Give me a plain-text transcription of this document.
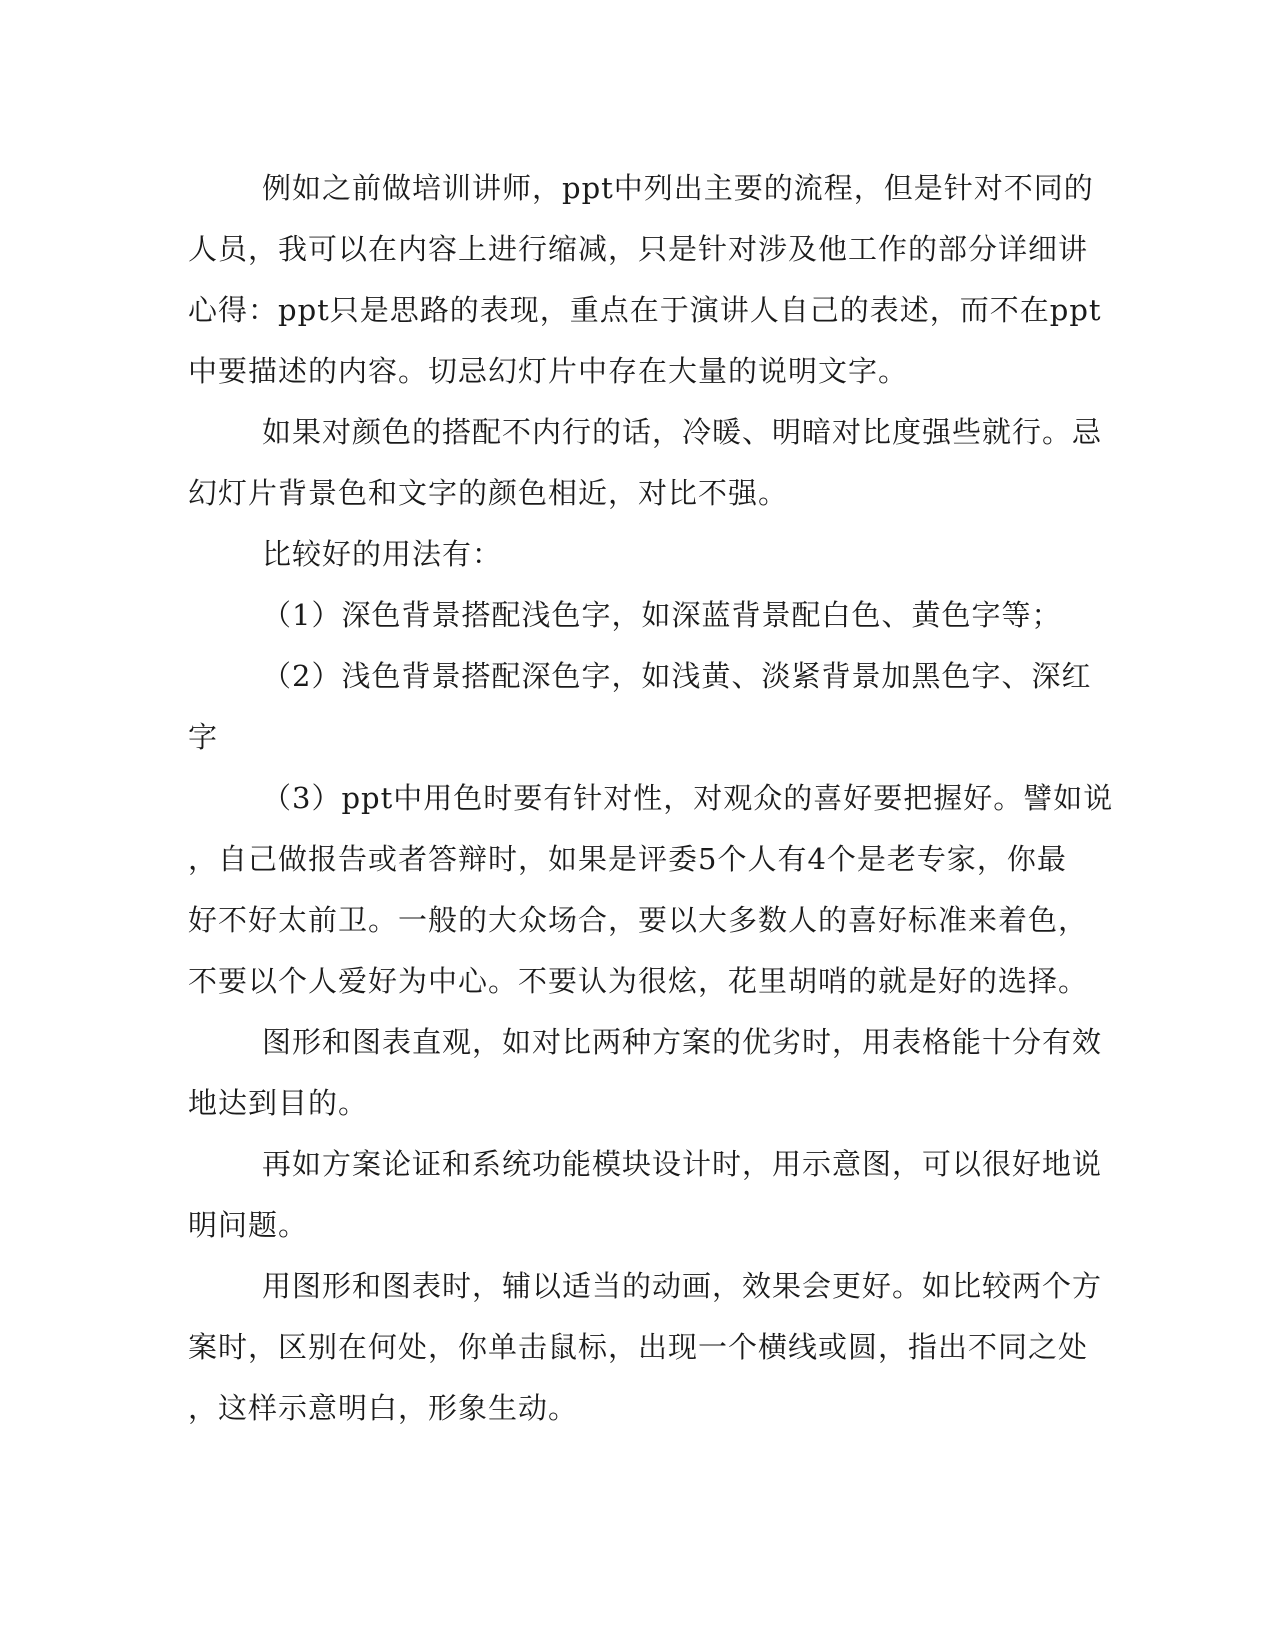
例如之前做培训讲师，ppt中列出主要的流程，但是针对不同的

人员，我可以在内容上进行缩减，只是针对涉及他工作的部分详细讲

心得：ppt只是思路的表现，重点在于演讲人自己的表述，而不在ppt

中要描述的内容。切忌幻灯片中存在大量的说明文字。

如果对颜色的搭配不内行的话，冷暖、明暗对比度强些就行。忌

幻灯片背景色和文字的颜色相近，对比不强。

比较好的用法有：

（1）深色背景搭配浅色字，如深蓝背景配白色、黄色字等；

（2）浅色背景搭配深色字，如浅黄、淡紧背景加黑色字、深红

字

（3）ppt中用色时要有针对性，对观众的喜好要把握好。譬如说

，自己做报告或者答辩时，如果是评委5个人有4个是老专家，你最

好不好太前卫。一般的大众场合，要以大多数人的喜好标准来着色，

不要以个人爱好为中心。不要认为很炫，花里胡哨的就是好的选择。

图形和图表直观，如对比两种方案的优劣时，用表格能十分有效

地达到目的。

再如方案论证和系统功能模块设计时，用示意图，可以很好地说

明问题。

用图形和图表时，辅以适当的动画，效果会更好。如比较两个方

案时，区别在何处，你单击鼠标，出现一个横线或圆，指出不同之处

，这样示意明白，形象生动。
